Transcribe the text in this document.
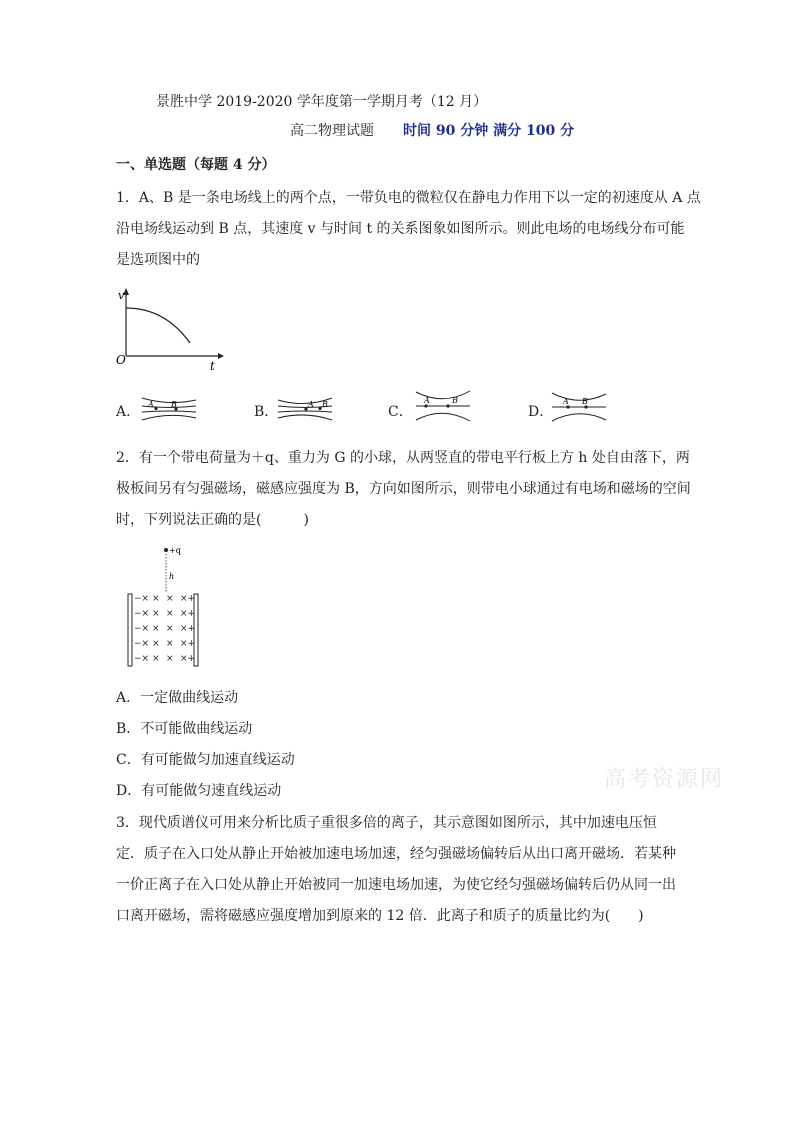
景胜中学 2019-2020 学年度第一学期月考（12 月）
高二物理试题 时间 90 分钟 满分 100 分
一、单选题（每题 4 分）
1．A、B 是一条电场线上的两个点，一带负电的微粒仅在静电力作用下以一定的初速度从 A 点
沿电场线运动到 B 点，其速度 v 与时间 t 的关系图象如图所示。则此电场的电场线分布可能
是选项图中的
v
t
O
A． A B	B．	A B	C．
A	B
D．
A B
2．有一个带电荷量为＋q、重力为 G 的小球，从两竖直的带电平行板上方 h 处自由落下，两
极板间另有匀强磁场，磁感应强度为 B，方向如图所示，则带电小球通过有电场和磁场的空间
时，下列说法正确的是(　　　)
+q
h
−× × × ×+
−× × × ×+
−× × × ×+
−× × × ×+
−× × × ×+
A．一定做曲线运动
B．不可能做曲线运动
C．有可能做匀加速直线运动
D．有可能做匀速直线运动	高考资源网
3．现代质谱仪可用来分析比质子重很多倍的离子，其示意图如图所示，其中加速电压恒
定．质子在入口处从静止开始被加速电场加速，经匀强磁场偏转后从出口离开磁场．若某种
一价正离子在入口处从静止开始被同一加速电场加速，为使它经匀强磁场偏转后仍从同一出
口离开磁场，需将磁感应强度增加到原来的 12 倍．此离子和质子的质量比约为(　　)
